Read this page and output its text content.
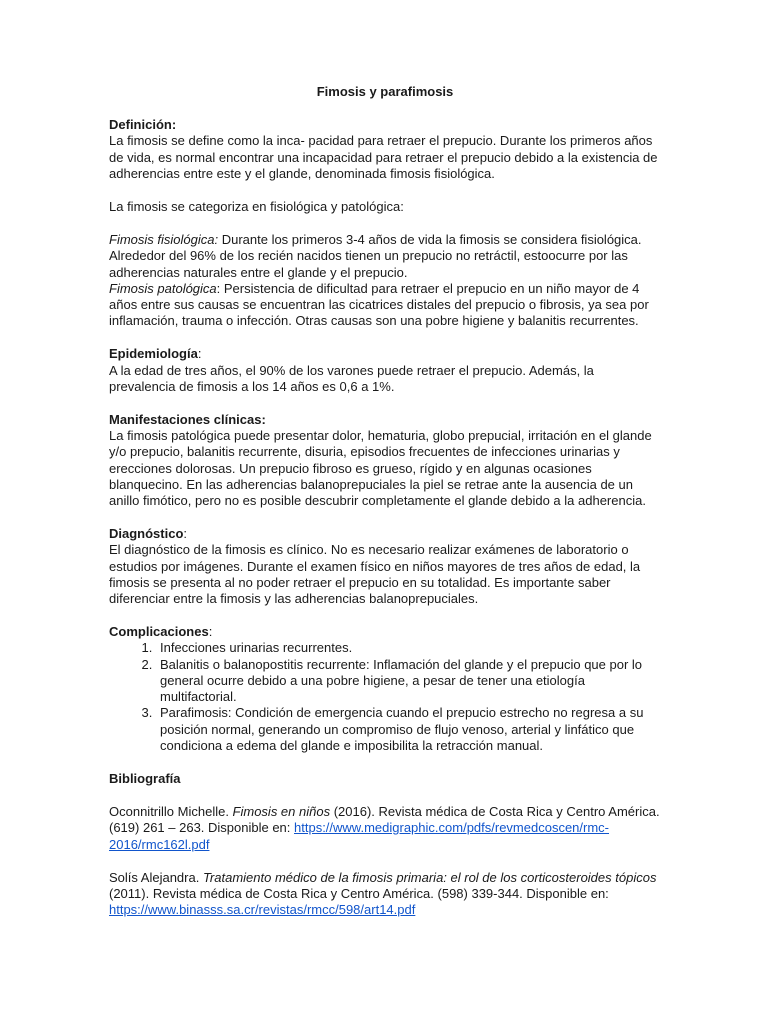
Fimosis y parafimosis
Definición:

La fimosis se define como la inca- pacidad para retraer el prepucio. Durante los primeros años de vida, es normal encontrar una incapacidad para retraer el prepucio debido a la existencia de adherencias entre este y el glande, denominada fimosis fisiológica.

La fimosis se categoriza en fisiológica y patológica:

Fimosis fisiológica: Durante los primeros 3-4 años de vida la fimosis se considera fisiológica. Alrededor del 96% de los recién nacidos tienen un prepucio no retráctil, estoocurre por las adherencias naturales entre el glande y el prepucio.

Fimosis patológica: Persistencia de dificultad para retraer el prepucio en un niño mayor de 4 años entre sus causas se encuentran las cicatrices distales del prepucio o fibrosis, ya sea por inflamación, trauma o infección. Otras causas son una pobre higiene y balanitis recurrentes.

Epidemiología:

A la edad de tres años, el 90% de los varones puede retraer el prepucio. Además, la prevalencia de fimosis a los 14 años es 0,6 a 1%.

Manifestaciones clínicas:

La fimosis patológica puede presentar dolor, hematuria, globo prepucial, irritación en el glande y/o prepucio, balanitis recurrente, disuria, episodios frecuentes de infecciones urinarias y erecciones dolorosas. Un prepucio fibroso es grueso, rígido y en algunas ocasiones blanquecino. En las adherencias balanoprepuciales la piel se retrae ante la ausencia de un anillo fimótico, pero no es posible descubrir completamente el glande debido a la adherencia.

Diagnóstico:

El diagnóstico de la fimosis es clínico. No es necesario realizar exámenes de laboratorio o estudios por imágenes. Durante el examen físico en niños mayores de tres años de edad, la fimosis se presenta al no poder retraer el prepucio en su totalidad. Es importante saber diferenciar entre la fimosis y las adherencias balanoprepuciales.

Complicaciones:
1. Infecciones urinarias recurrentes.
2. Balanitis o balanopostitis recurrente: Inflamación del glande y el prepucio que por lo general ocurre debido a una pobre higiene, a pesar de tener una etiología multifactorial.
3. Parafimosis: Condición de emergencia cuando el prepucio estrecho no regresa a su posición normal, generando un compromiso de flujo venoso, arterial y linfático que condiciona a edema del glande e imposibilita la retracción manual.
Bibliografía

Oconnitrillo Michelle. Fimosis en niños (2016). Revista médica de Costa Rica y Centro América. (619) 261 – 263. Disponible en: https://www.medigraphic.com/pdfs/revmedcoscen/rmc-2016/rmc162l.pdf

Solís Alejandra. Tratamiento médico de la fimosis primaria: el rol de los corticosteroides tópicos (2011). Revista médica de Costa Rica y Centro América. (598) 339-344. Disponible en: https://www.binasss.sa.cr/revistas/rmcc/598/art14.pdf
